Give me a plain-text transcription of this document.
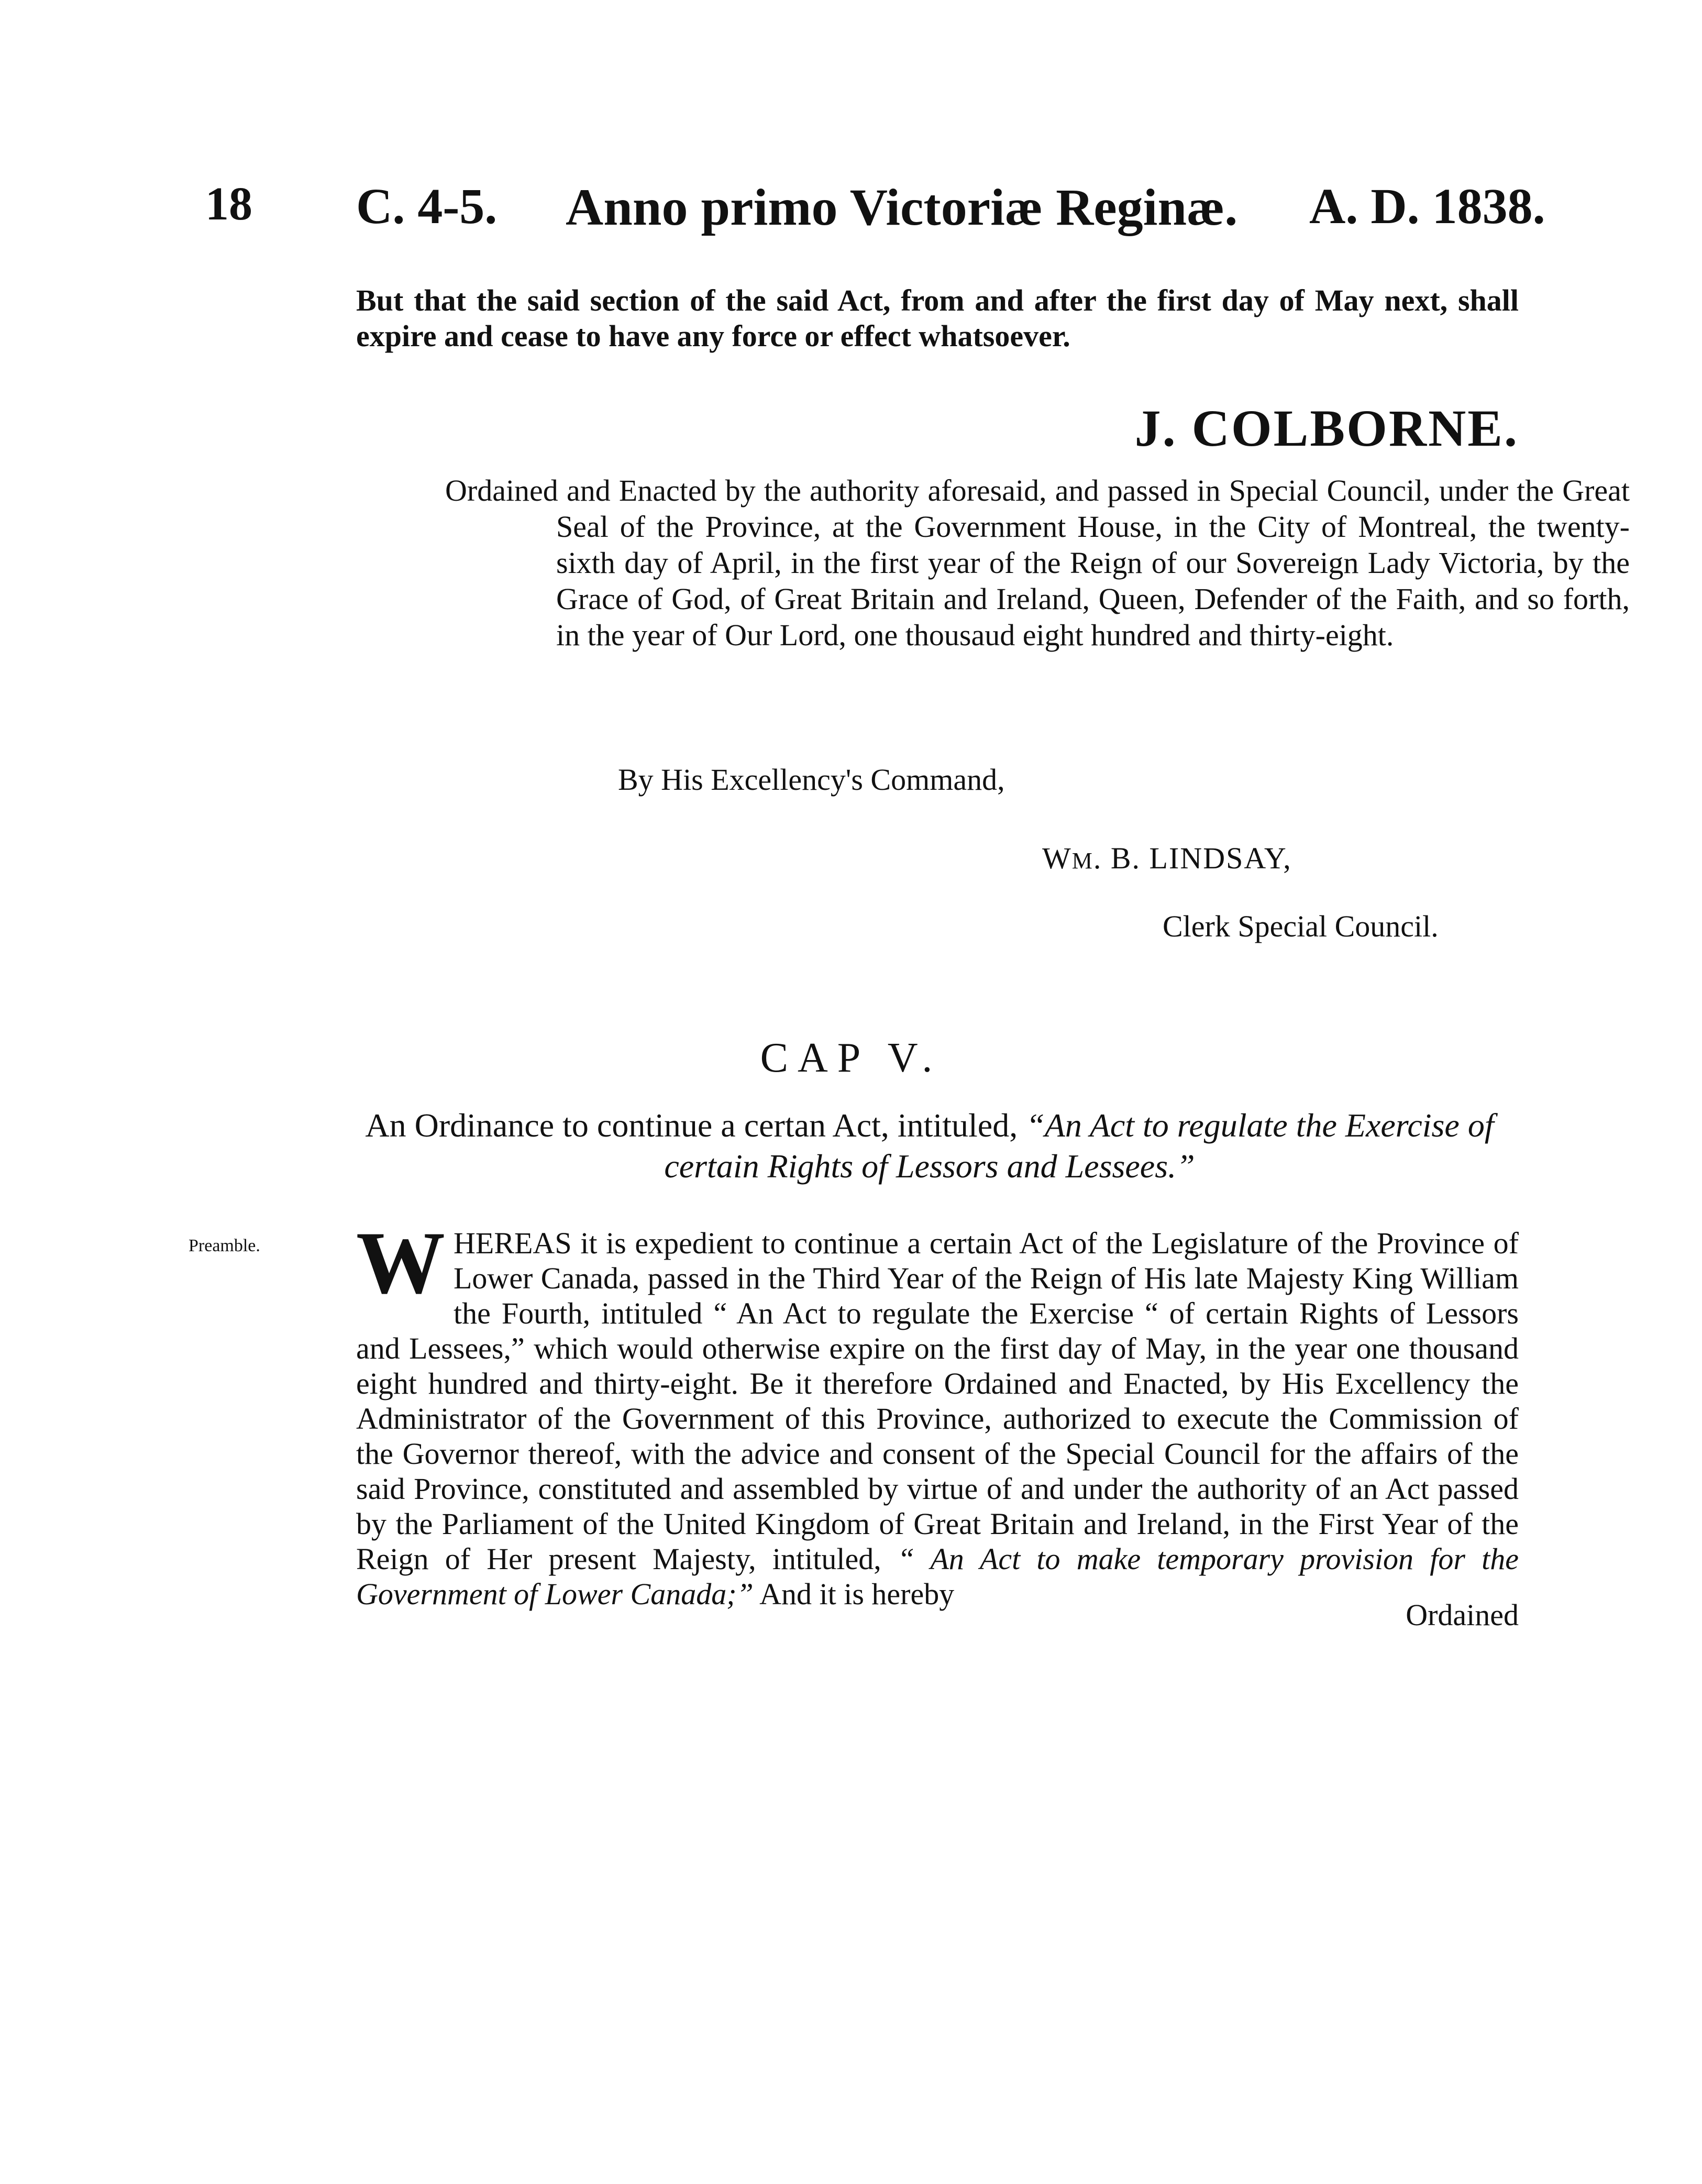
18 C. 4-5. Anno primo Victoriæ Reginæ. A. D. 1838.
But that the said section of the said Act, from and after the first day of May next, shall expire and cease to have any force or effect whatsoever.
J. COLBORNE.
Ordained and Enacted by the authority aforesaid, and passed in Special Council, under the Great Seal of the Province, at the Government House, in the City of Montreal, the twenty-sixth day of April, in the first year of the Reign of our Sovereign Lady Victoria, by the Grace of God, of Great Britain and Ireland, Queen, Defender of the Faith, and so forth, in the year of Our Lord, one thousaud eight hundred and thirty-eight.
By His Excellency's Command,
WM. B. LINDSAY,
Clerk Special Council.
CAP V.
An Ordinance to continue a certan Act, intituled, “An Act to regulate the Exercise of certain Rights of Lessors and Lessees.”
Preamble. WHEREAS it is expedient to continue a certain Act of the Legislature of the Province of Lower Canada, passed in the Third Year of the Reign of His late Majesty King William the Fourth, intituled “ An Act to regulate the Exercise “ of certain Rights of Lessors and Lessees,” which would otherwise expire on the first day of May, in the year one thousand eight hundred and thirty-eight. Be it therefore Ordained and Enacted, by His Excellency the Administrator of the Government of this Province, authorized to execute the Commission of the Governor thereof, with the advice and consent of the Special Council for the affairs of the said Province, constituted and assembled by virtue of and under the authority of an Act passed by the Parliament of the United Kingdom of Great Britain and Ireland, in the First Year of the Reign of Her present Majesty, intituled, “ An Act to make temporary provision for the Government of Lower Canada;” And it is hereby
Ordained
